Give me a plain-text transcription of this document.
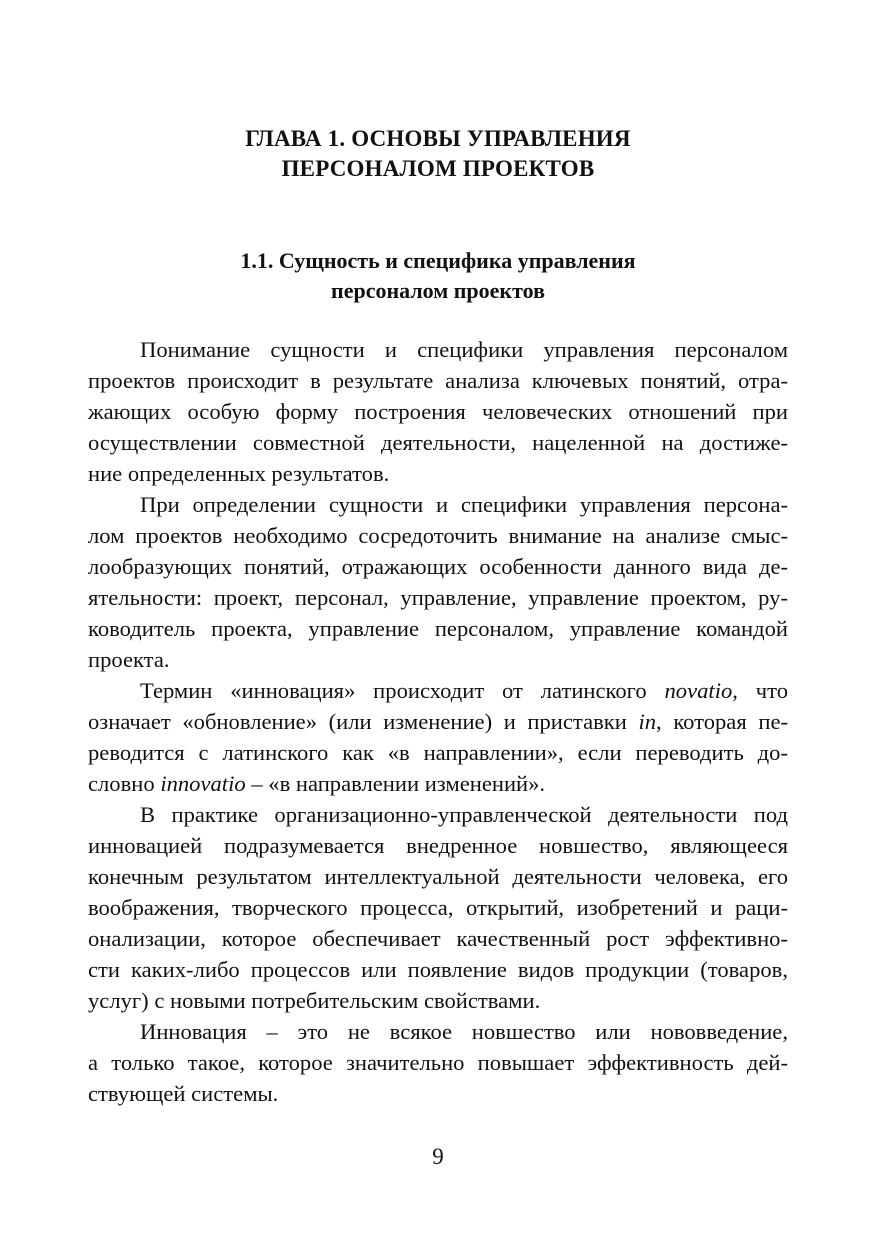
ГЛАВА 1. ОСНОВЫ УПРАВЛЕНИЯ
ПЕРСОНАЛОМ ПРОЕКТОВ
1.1. Сущность и специфика управления
персоналом проектов

Понимание сущности и специфики управления персоналом
проектов происходит в результате анализа ключевых понятий, отра-
жающих особую форму построения человеческих отношений при
осуществлении совместной деятельности, нацеленной на достиже-
ние определенных результатов.

При определении сущности и специфики управления персона-
лом проектов необходимо сосредоточить внимание на анализе смыс-
лообразующих понятий, отражающих особенности данного вида де-
ятельности: проект, персонал, управление, управление проектом, ру-
ководитель проекта, управление персоналом, управление командой
проекта.

Термин «инновация» происходит от латинского novatio, что
означает «обновление» (или изменение) и приставки in, которая пе-
реводится с латинского как «в направлении», если переводить до-
словно innovatio – «в направлении изменений».

В практике организационно-управленческой деятельности под
инновацией подразумевается внедренное новшество, являющееся
конечным результатом интеллектуальной деятельности человека, его
воображения, творческого процесса, открытий, изобретений и раци-
онализации, которое обеспечивает качественный рост эффективно-
сти каких-либо процессов или появление видов продукции (товаров,
услуг) с новыми потребительским свойствами.

Инновация – это не всякое новшество или нововведение,
а только такое, которое значительно повышает эффективность дей-
ствующей системы.

9
